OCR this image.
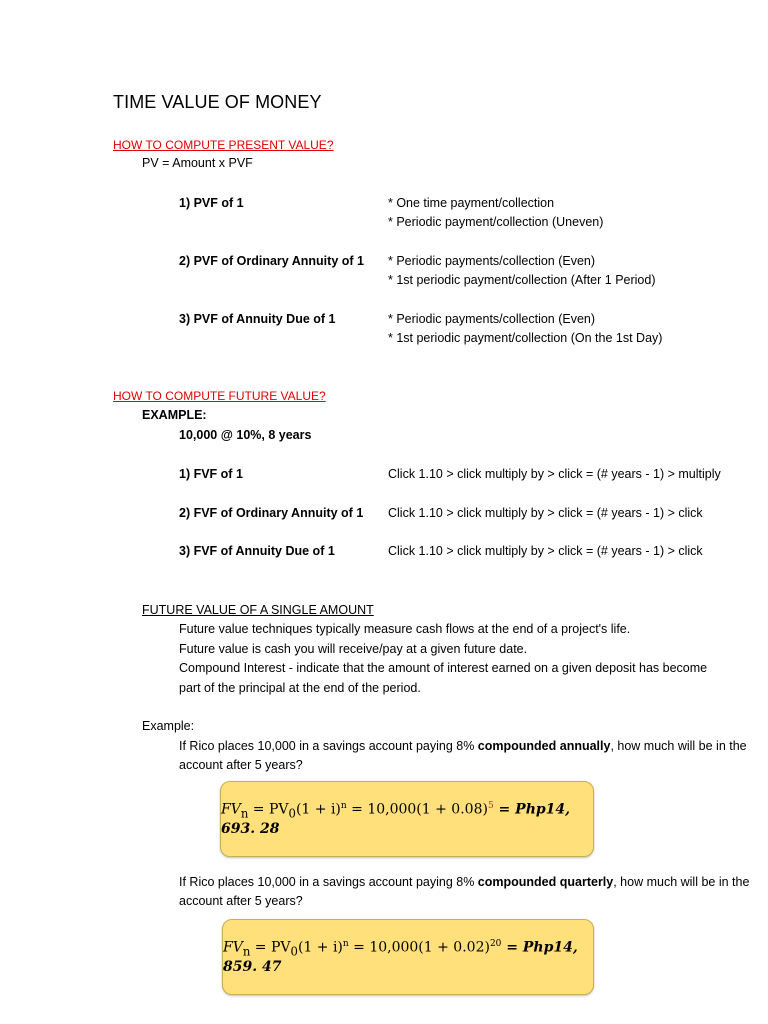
TIME VALUE OF MONEY
HOW TO COMPUTE PRESENT VALUE?
PV = Amount x PVF
1) PVF of 1	* One time payment/collection
* Periodic payment/collection (Uneven)
2) PVF of Ordinary Annuity of 1 * Periodic payments/collection (Even)
* 1st periodic payment/collection (After 1 Period)
3) PVF of Annuity Due of 1	* Periodic payments/collection (Even)
* 1st periodic payment/collection (On the 1st Day)
HOW TO COMPUTE FUTURE VALUE?
EXAMPLE:
10,000 @ 10%, 8 years
1) FVF of 1	Click 1.10 > click multiply by > click = (# years - 1) > multiply
2) FVF of Ordinary Annuity of 1 Click 1.10 > click multiply by > click = (# years - 1) > click
3) FVF of Annuity Due of 1	Click 1.10 > click multiply by > click = (# years - 1) > click
FUTURE VALUE OF A SINGLE AMOUNT
Future value techniques typically measure cash flows at the end of a project's life.
Future value is cash you will receive/pay at a given future date.
Compound Interest - indicate that the amount of interest earned on a given deposit has become
part of the principal at the end of the period.
Example:
If Rico places 10,000 in a savings account paying 8% compounded annually, how much will be in the
account after 5 years?
$FV_n = PV_0(1 + i)^n = 10,000(1 + 0.08)^5 = Php14$, 693. 28
If Rico places 10,000 in a savings account paying 8% compounded quarterly, how much will be in the
account after 5 years?
$FV_n = PV_0(1 + i)^n = 10,000(1 + 0.02)^{20} = Php14$, 859. 47
